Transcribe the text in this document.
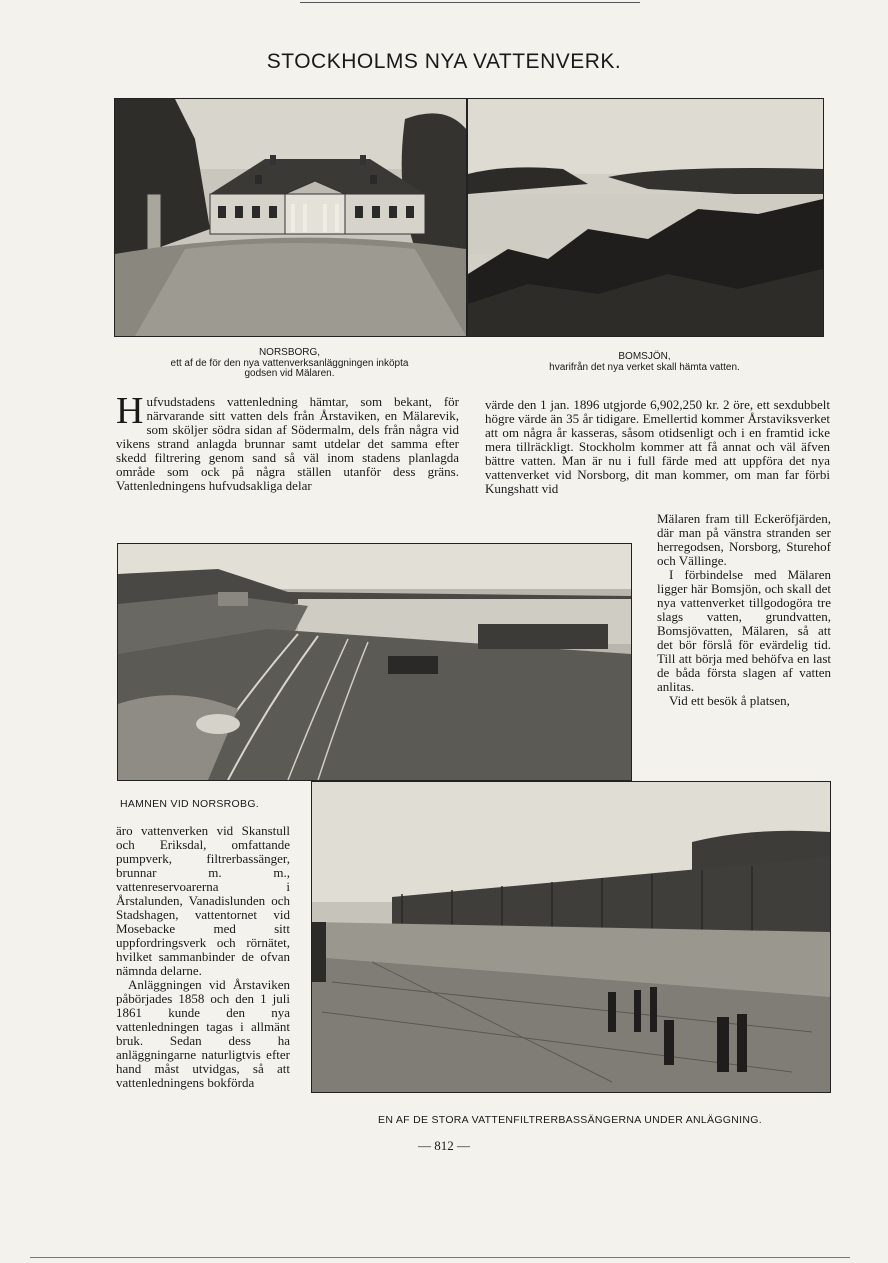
STOCKHOLMS NYA VATTENVERK.
NORSBORG,
ett af de för den nya vattenverksanläggningen inköpta
godsen vid Mälaren.
BOMSJÖN,
hvarifrån det nya verket skall hämta vatten.

Hufvudstadens vattenledning hämtar, som bekant, för närvarande sitt vatten dels från Årstaviken, en Mälarevik, som sköljer södra sidan af Södermalm, dels från några vid vikens strand anlagda brunnar samt utdelar det samma efter skedd filtrering genom sand så väl inom stadens planlagda område som ock på några ställen utanför dess gräns. Vattenledningens hufvudsakliga delar

värde den 1 jan. 1896 utgjorde 6,902,250 kr. 2 öre, ett sexdubbelt högre värde än 35 år tidigare. Emellertid kommer Årstaviksverket att om några år kasseras, såsom otidsenligt och i en framtid icke mera tillräckligt. Stockholm kommer att få annat och väl äfven bättre vatten. Man är nu i full färde med att uppföra det nya vattenverket vid Norsborg, dit man kommer, om man far förbi Kungshatt vid

Mälaren fram till Eckeröfjärden, där man på vänstra stranden ser herregodsen, Norsborg, Sturehof och Vällinge.

I förbindelse med Mälaren ligger här Bomsjön, och skall det nya vattenverket tillgodogöra tre slags vatten, grundvatten, Bomsjövatten, Mälaren, så att det bör förslå för evärdelig tid. Till att börja med behöfva en last de båda första slagen af vatten anlitas.

Vid ett besök å platsen,

HAMNEN VID NORSROBG.

äro vattenverken vid Skanstull och Eriksdal, omfattande pumpverk, filtrerbassänger, brunnar m. m., vattenreservoarerna i Årstalunden, Vanadislunden och Stadshagen, vattentornet vid Mosebacke med sitt uppfordringsverk och rörnätet, hvilket sammanbinder de ofvan nämnda delarne.

Anläggningen vid Årstaviken påbörjades 1858 och den 1 juli 1861 kunde den nya vattenledningen tagas i allmänt bruk. Sedan dess ha anläggningarne naturligtvis efter hand måst utvidgas, så att vattenledningens bokförda

EN AF DE STORA VATTENFILTRERBASSÄNGERNA UNDER ANLÄGGNING.
— 812 —
